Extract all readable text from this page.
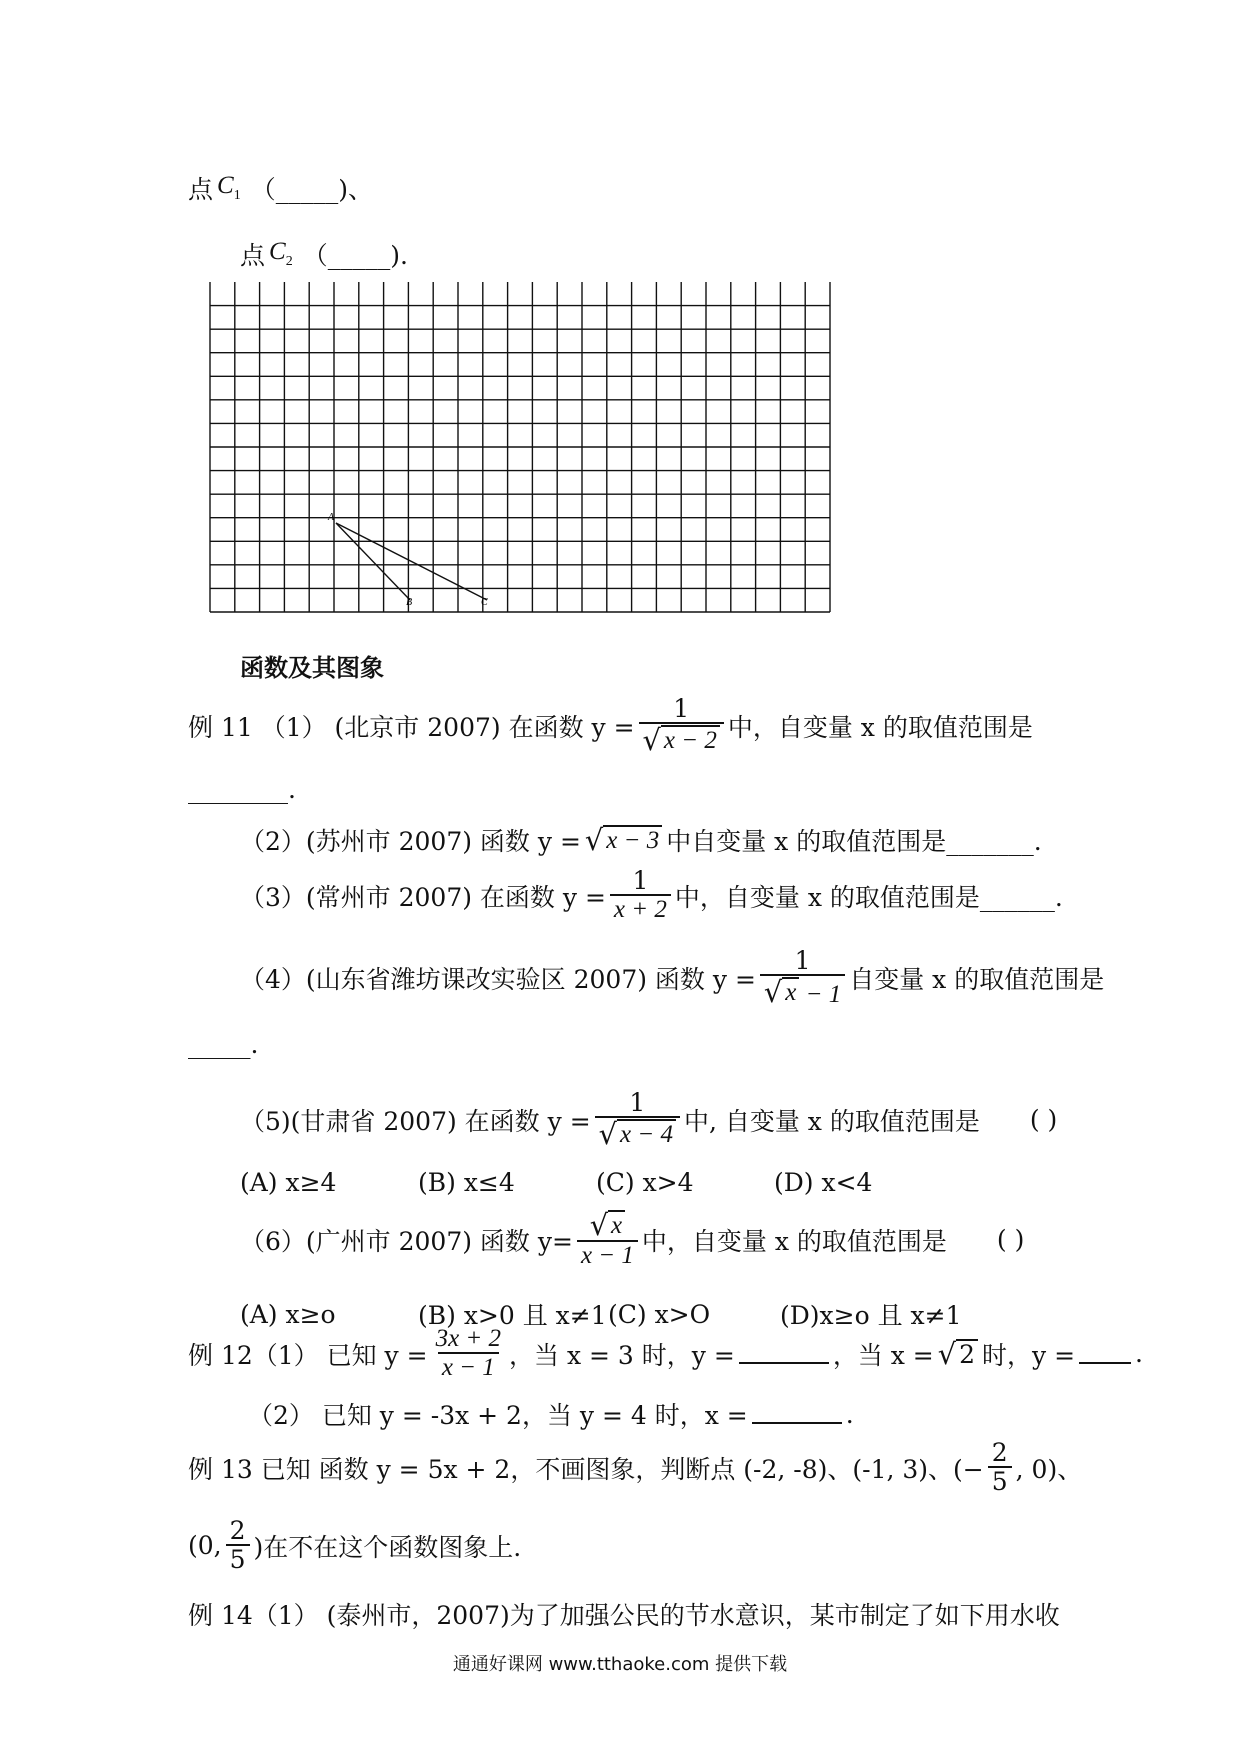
点 $C_1$ （_____)、
点 $C_2$ （_____).
A
B	C
函数及其图象
例 11 （1） (北京市 2007) 在函数 $y = \frac{1}{√ x - 2}$ 中，自变量 x 的取值范围是
________.
（2）(苏州市 2007) 函数 y = √ x − 3 中自变量 x 的取值范围是_______.
（3）(常州市 2007) 在函数 $y = \frac{1}{x + 2}$ 中，自变量 x 的取值范围是______.
（4）(山东省潍坊课改实验区 2007) 函数 $y = \frac{1}{√ x - 1}$ 自变量 x 的取值范围是
_____.
（5)(甘肃省 2007) 在函数 $y = \frac{1}{√ x - 4}$ 中, 自变量 x 的取值范围是 ( )
(A) x≥4	(B) x≤4	(C) x>4	(D) x<4
（6）(广州市 2007) 函数 $y= \frac{√ x}{x - 1}$ 中，自变量 x 的取值范围是 ( )
(A) x≥o	(B) x>0 且 x≠1 (C) x>O	(D)x≥o 且 x≠1
例 12（1） 已知 $y = \frac{3x + 2}{x - 1}$ ，当 x = 3 时，y =	，当 x = √ 2 时，y = .
（2） 已知 y = -3x + 2，当 y = 4 时，x =	.
例 13 已知 函数 y = 5x + 2，不画图象，判断点 (-2, -8)、(-1, 3)、(− $\frac{2}{5}$ , 0)、
(0, $\frac{2}{5}$ )在不在这个函数图象上.
例 14（1） (泰州市，2007)为了加强公民的节水意识，某市制定了如下用水收
通通好课网 www.tthaoke.com 提供下载
